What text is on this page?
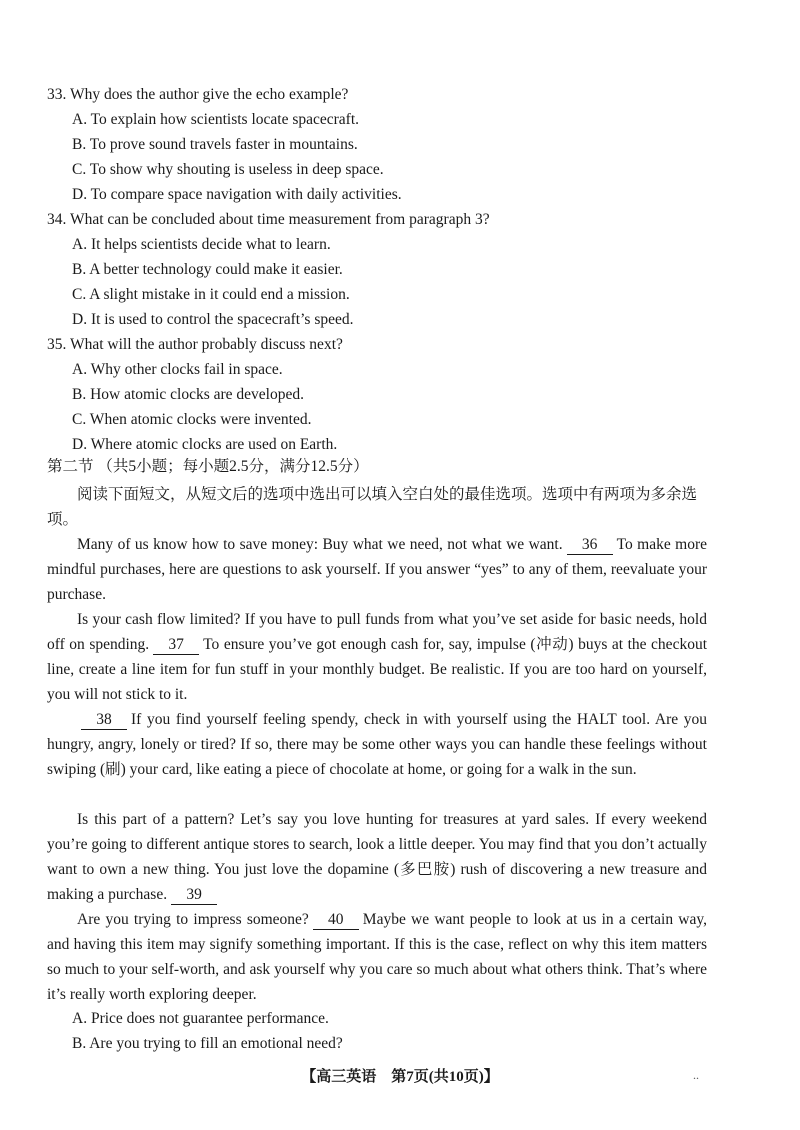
33. Why does the author give the echo example?
A. To explain how scientists locate spacecraft.
B. To prove sound travels faster in mountains.
C. To show why shouting is useless in deep space.
D. To compare space navigation with daily activities.
34. What can be concluded about time measurement from paragraph 3?
A. It helps scientists decide what to learn.
B. A better technology could make it easier.
C. A slight mistake in it could end a mission.
D. It is used to control the spacecraft’s speed.
35. What will the author probably discuss next?
A. Why other clocks fail in space.
B. How atomic clocks are developed.
C. When atomic clocks were invented.
D. Where atomic clocks are used on Earth.
第二节 （共5小题；每小题2.5分，满分12.5分）
阅读下面短文，从短文后的选项中选出可以填入空白处的最佳选项。选项中有两项为多余选项。
Many of us know how to save money: Buy what we need, not what we want. 36 To make more mindful purchases, here are questions to ask yourself. If you answer “yes” to any of them, reevaluate your purchase.
Is your cash flow limited? If you have to pull funds from what you’ve set aside for basic needs, hold off on spending. 37 To ensure you’ve got enough cash for, say, impulse (冲动) buys at the checkout line, create a line item for fun stuff in your monthly budget. Be realistic. If you are too hard on yourself, you will not stick to it.
38 If you find yourself feeling spendy, check in with yourself using the HALT tool. Are you hungry, angry, lonely or tired? If so, there may be some other ways you can handle these feelings without swiping (刷) your card, like eating a piece of chocolate at home, or going for a walk in the sun.
Is this part of a pattern? Let’s say you love hunting for treasures at yard sales. If every weekend you’re going to different antique stores to search, look a little deeper. You may find that you don’t actually want to own a new thing. You just love the dopamine (多巴胺) rush of discovering a new treasure and making a purchase. 39
Are you trying to impress someone? 40 Maybe we want people to look at us in a certain way, and having this item may signify something important. If this is the case, reflect on why this item matters so much to your self-worth, and ask yourself why you care so much about what others think. That’s where it’s really worth exploring deeper.
A. Price does not guarantee performance.
B. Are you trying to fill an emotional need?
【高三英语　第7页(共10页)】	..
